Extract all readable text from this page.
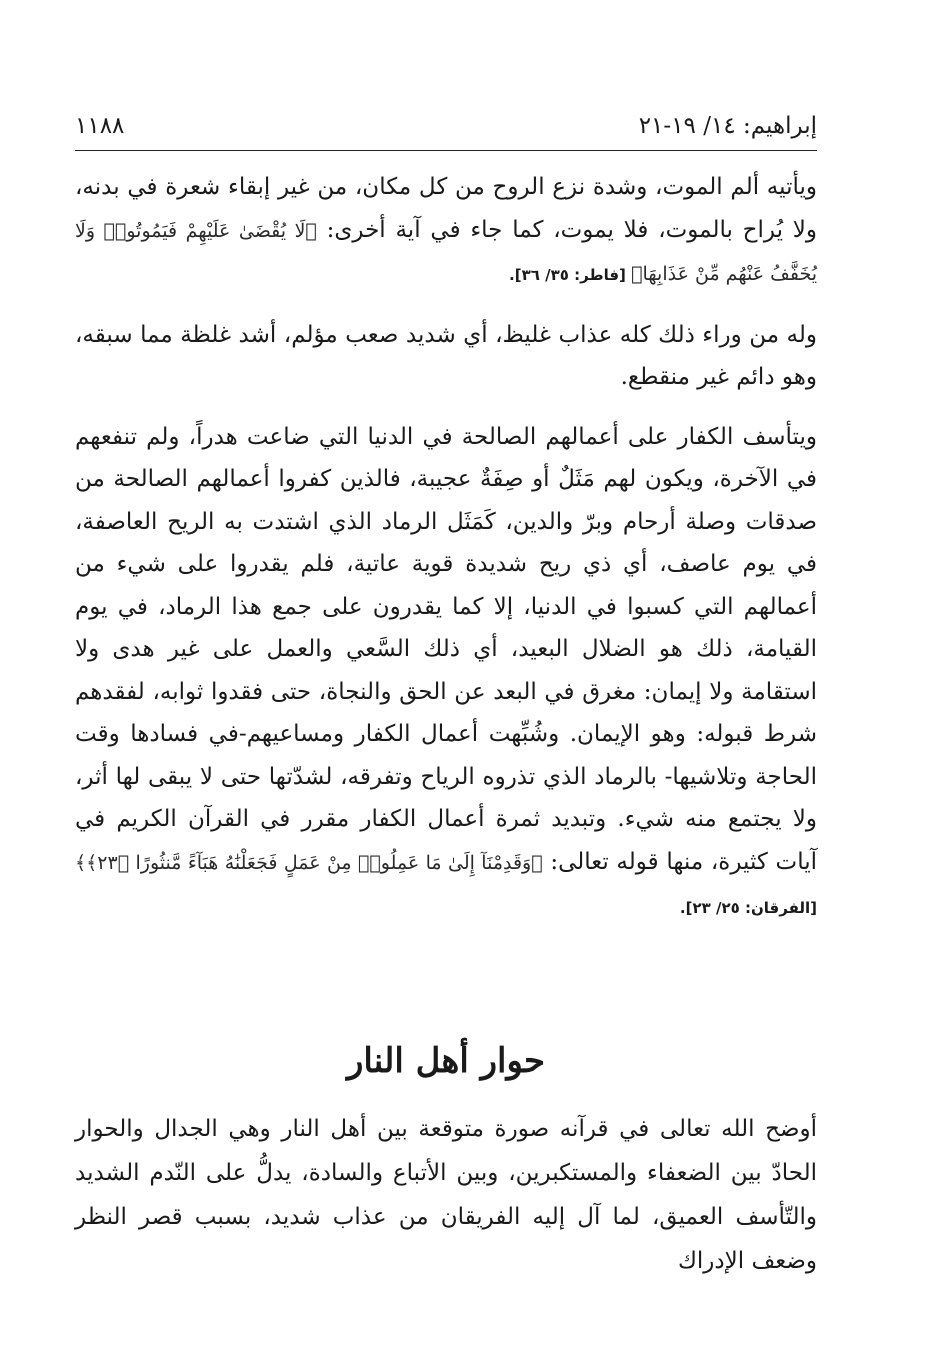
إبراهيم: ١٤/ ١٩-٢١
١١٨٨

ويأتيه ألم الموت، وشدة نزع الروح من كل مكان، من غير إبقاء شعرة في بدنه، ولا يُراح بالموت، فلا يموت، كما جاء في آية أخرى: ﴿لَا يُقْضَىٰ عَلَيْهِمْ فَيَمُوتُوا۟ وَلَا يُخَفَّفُ عَنْهُم مِّنْ عَذَابِهَا﴾ [فاطر: ٣٥/ ٣٦].

وله من وراء ذلك كله عذاب غليظ، أي شديد صعب مؤلم، أشد غلظة مما سبقه، وهو دائم غير منقطع.

ويتأسف الكفار على أعمالهم الصالحة في الدنيا التي ضاعت هدراً، ولم تنفعهم في الآخرة، ويكون لهم مَثَلٌ أو صِفَةٌ عجيبة، فالذين كفروا أعمالهم الصالحة من صدقات وصلة أرحام وبرّ والدين، كَمَثَل الرماد الذي اشتدت به الريح العاصفة، في يوم عاصف، أي ذي ريح شديدة قوية عاتية، فلم يقدروا على شيء من أعمالهم التي كسبوا في الدنيا، إلا كما يقدرون على جمع هذا الرماد، في يوم القيامة، ذلك هو الضلال البعيد، أي ذلك السَّعي والعمل على غير هدى ولا استقامة ولا إيمان: مغرق في البعد عن الحق والنجاة، حتى فقدوا ثوابه، لفقدهم شرط قبوله: وهو الإيمان. وشُبِّهت أعمال الكفار ومساعيهم-في فسادها وقت الحاجة وتلاشيها- بالرماد الذي تذروه الرياح وتفرقه، لشدّتها حتى لا يبقى لها أثر، ولا يجتمع منه شيء. وتبديد ثمرة أعمال الكفار مقرر في القرآن الكريم في آيات كثيرة، منها قوله تعالى: ﴿وَقَدِمْنَآ إِلَىٰ مَا عَمِلُوا۟ مِنْ عَمَلٍ فَجَعَلْنَٰهُ هَبَآءً مَّنثُورًا ﴿٢٣﴾﴾ [الفرقان: ٢٥/ ٢٣].

حوار أهل النار

أوضح الله تعالى في قرآنه صورة متوقعة بين أهل النار وهي الجدال والحوار الحادّ بين الضعفاء والمستكبرين، وبين الأتباع والسادة، يدلُّ على النّدم الشديد والتّأسف العميق، لما آل إليه الفريقان من عذاب شديد، بسبب قصر النظر وضعف الإدراك
